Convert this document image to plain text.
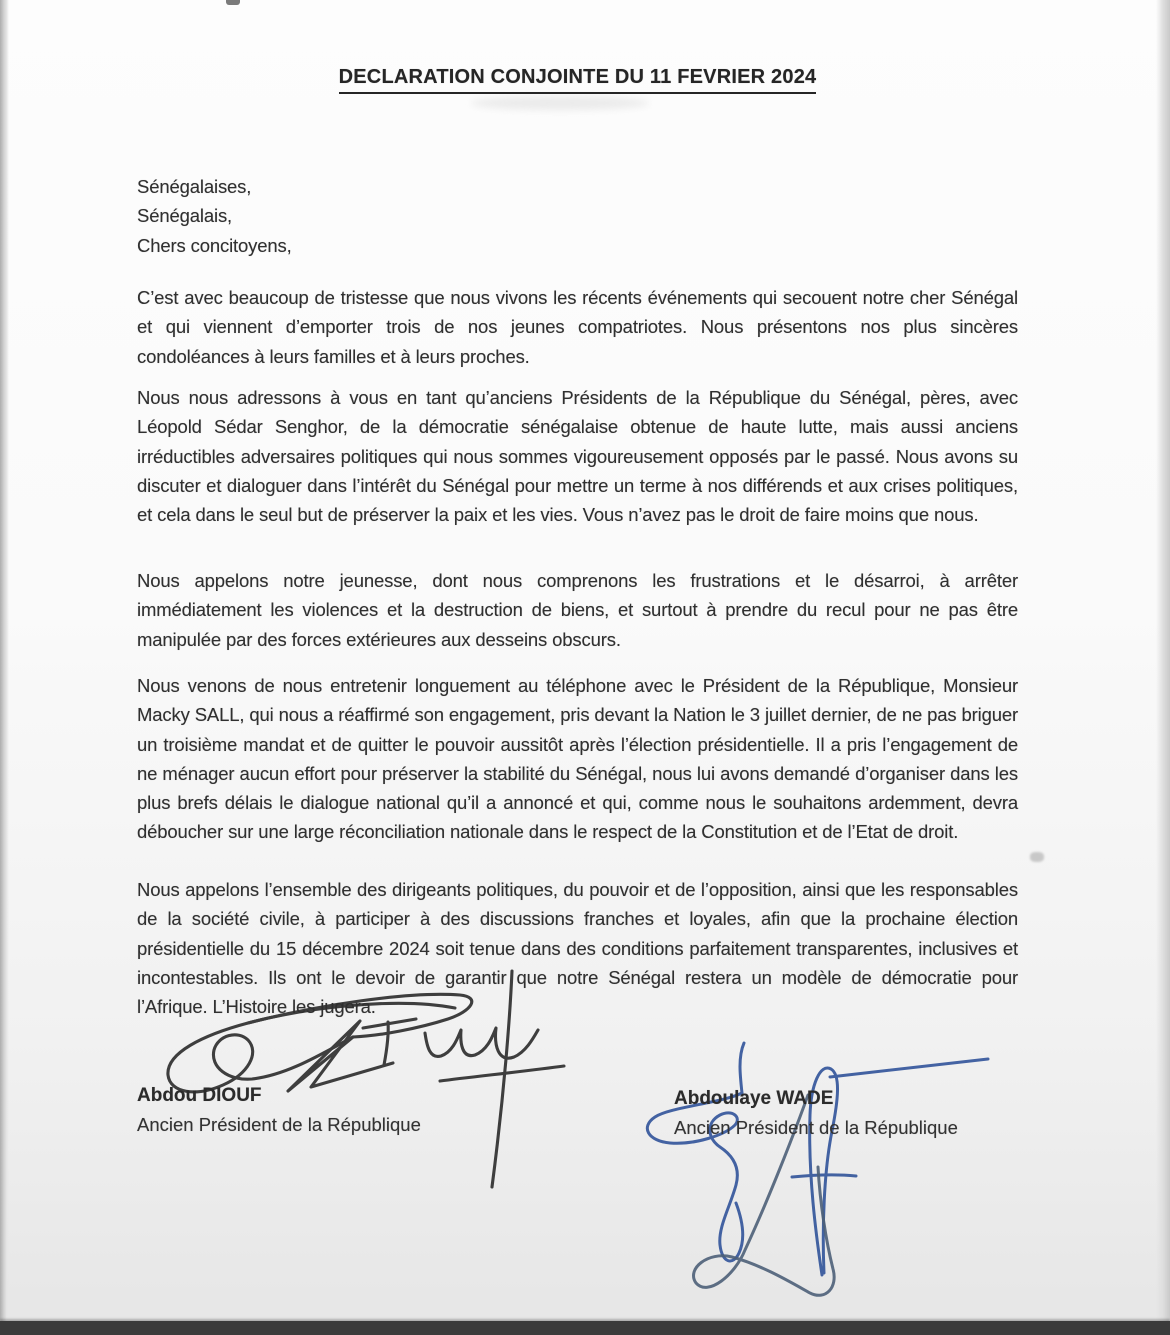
DECLARATION CONJOINTE DU 11 FEVRIER 2024

Sénégalaises,

Sénégalais,

Chers concitoyens,

C’est avec beaucoup de tristesse que nous vivons les récents événements qui secouent notre cher Sénégal et qui viennent d’emporter trois de nos jeunes compatriotes. Nous présentons nos plus sincères condoléances à leurs familles et à leurs proches.

Nous nous adressons à vous en tant qu’anciens Présidents de la République du Sénégal, pères, avec Léopold Sédar Senghor, de la démocratie sénégalaise obtenue de haute lutte, mais aussi anciens irréductibles adversaires politiques qui nous sommes vigoureusement opposés par le passé. Nous avons su discuter et dialoguer dans l’intérêt du Sénégal pour mettre un terme à nos différends et aux crises politiques, et cela dans le seul but de préserver la paix et les vies. Vous n’avez pas le droit de faire moins que nous.

Nous appelons notre jeunesse, dont nous comprenons les frustrations et le désarroi, à arrêter immédiatement les violences et la destruction de biens, et surtout à prendre du recul pour ne pas être manipulée par des forces extérieures aux desseins obscurs.

Nous venons de nous entretenir longuement au téléphone avec le Président de la République, Monsieur Macky SALL, qui nous a réaffirmé son engagement, pris devant la Nation le 3 juillet dernier, de ne pas briguer un troisième mandat et de quitter le pouvoir aussitôt après l’élection présidentielle. Il a pris l’engagement de ne ménager aucun effort pour préserver la stabilité du Sénégal, nous lui avons demandé d’organiser dans les plus brefs délais le dialogue national qu’il a annoncé et qui, comme nous le souhaitons ardemment, devra déboucher sur une large réconciliation nationale dans le respect de la Constitution et de l’Etat de droit.

Nous appelons l’ensemble des dirigeants politiques, du pouvoir et de l’opposition, ainsi que les responsables de la société civile, à participer à des discussions franches et loyales, afin que la prochaine élection présidentielle du 15 décembre 2024 soit tenue dans des conditions parfaitement transparentes, inclusives et incontestables. Ils ont le devoir de garantir que notre Sénégal restera un modèle de démocratie pour l’Afrique. L’Histoire les jugera.

Abdou DIOUF
Ancien Président de la République
Abdoulaye WADE
Ancien Président de la République
